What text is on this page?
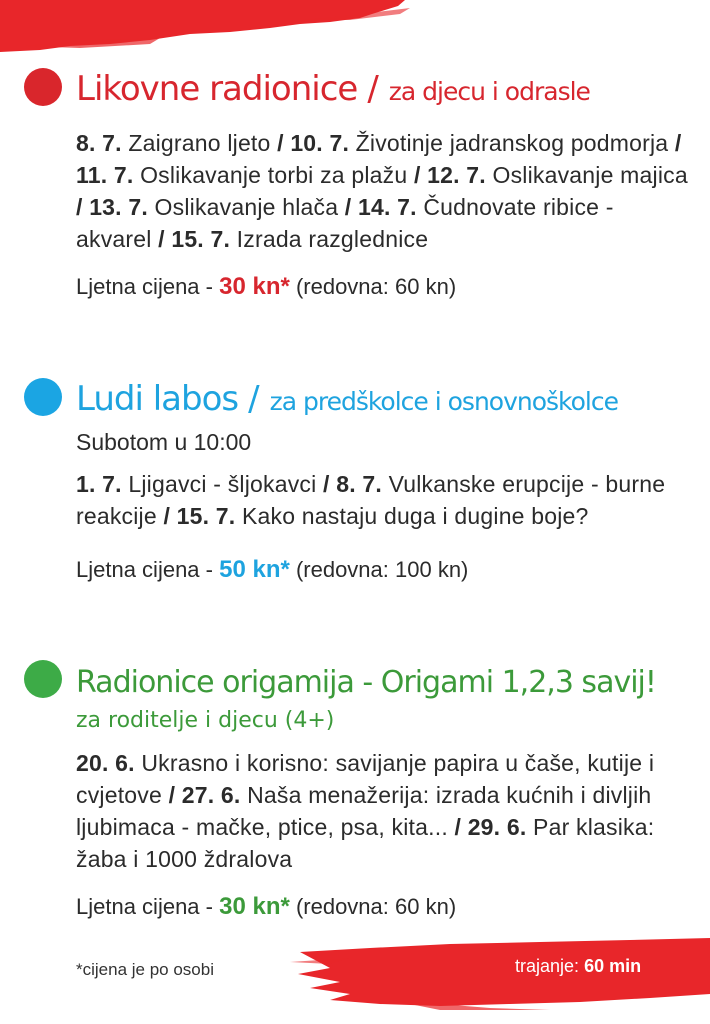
Likovne radionice / za djecu i odrasle
8. 7. Zaigrano ljeto / 10. 7. Životinje jadranskog podmorja / 11. 7. Oslikavanje torbi za plažu / 12. 7. Oslikavanje majica / 13. 7. Oslikavanje hlača / 14. 7. Čudnovate ribice - akvarel / 15. 7. Izrada razglednice
Ljetna cijena - 30 kn* (redovna: 60 kn)
Ludi labos / za predškolce i osnovnoškolce
Subotom u 10:00
1. 7. Ljigavci - šljokavci / 8. 7. Vulkanske erupcije - burne reakcije / 15. 7. Kako nastaju duga i dugine boje?
Ljetna cijena - 50 kn* (redovna: 100 kn)
Radionice origamija - Origami 1,2,3 savij!
za roditelje i djecu (4+)
20. 6. Ukrasno i korisno: savijanje papira u čaše, kutije i cvjetove / 27. 6. Naša menažerija: izrada kućnih i divljih ljubimaca - mačke, ptice, psa, kita... / 29. 6. Par klasika: žaba i 1000 ždralova
Ljetna cijena - 30 kn* (redovna: 60 kn)
*cijena je po osobi	trajanje: 60 min
